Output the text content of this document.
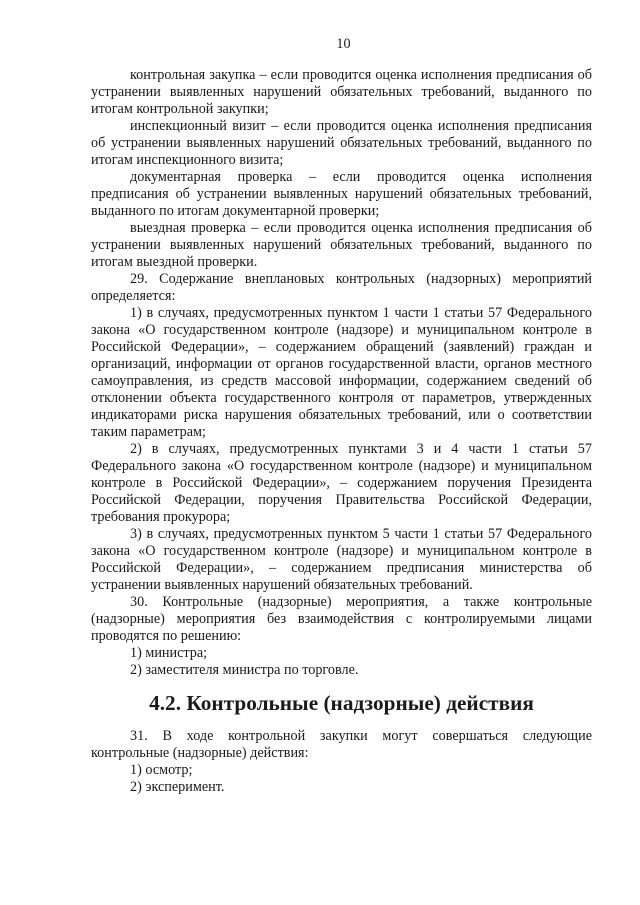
10

контрольная закупка – если проводится оценка исполнения предписания об устранении выявленных нарушений обязательных требований, выданного по итогам контрольной закупки;

инспекционный визит – если проводится оценка исполнения предписания об устранении выявленных нарушений обязательных требований, выданного по итогам инспекционного визита;

документарная проверка – если проводится оценка исполнения предписания об устранении выявленных нарушений обязательных требований, выданного по итогам документарной проверки;

выездная проверка – если проводится оценка исполнения предписания об устранении выявленных нарушений обязательных требований, выданного по итогам выездной проверки.

29. Содержание внеплановых контрольных (надзорных) мероприятий определяется:

1) в случаях, предусмотренных пунктом 1 части 1 статьи 57 Федерального закона «О государственном контроле (надзоре) и муниципальном контроле в Российской Федерации», – содержанием обращений (заявлений) граждан и организаций, информации от органов государственной власти, органов местного самоуправления, из средств массовой информации, содержанием сведений об отклонении объекта государственного контроля от параметров, утвержденных индикаторами риска нарушения обязательных требований, или о соответствии таким параметрам;

2) в случаях, предусмотренных пунктами 3 и 4 части 1 статьи 57 Федерального закона «О государственном контроле (надзоре) и муниципальном контроле в Российской Федерации», – содержанием поручения Президента Российской Федерации, поручения Правительства Российской Федерации, требования прокурора;

3) в случаях, предусмотренных пунктом 5 части 1 статьи 57 Федерального закона «О государственном контроле (надзоре) и муниципальном контроле в Российской Федерации», – содержанием предписания министерства об устранении выявленных нарушений обязательных требований.

30. Контрольные (надзорные) мероприятия, а также контрольные (надзорные) мероприятия без взаимодействия с контролируемыми лицами проводятся по решению:

1) министра;

2) заместителя министра по торговле.

4.2. Контрольные (надзорные) действия

31. В ходе контрольной закупки могут совершаться следующие контрольные (надзорные) действия:

1) осмотр;

2) эксперимент.
